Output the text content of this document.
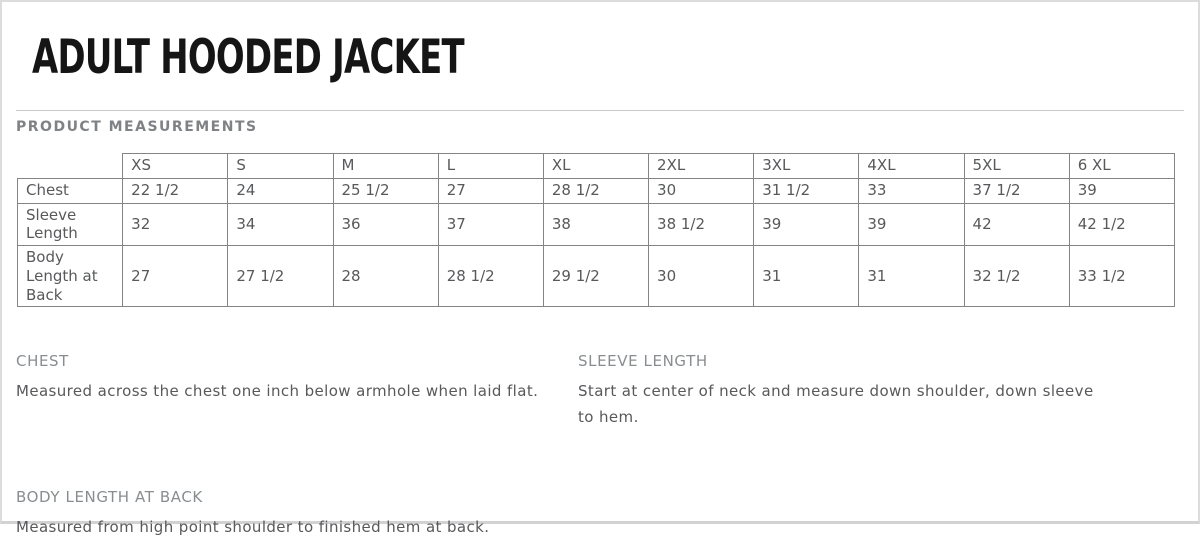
ADULT HOODED JACKET
PRODUCT MEASUREMENTS
	XS	S	M	L	XL	2XL	3XL	4XL	5XL	6 XL
Chest	22 1/2	24	25 1/2	27	28 1/2	30	31 1/2	33	37 1/2	39
Sleeve Length	32	34	36	37	38	38 1/2	39	39	42	42 1/2
Body Length at Back	27	27 1/2	28	28 1/2	29 1/2	30	31	31	32 1/2	33 1/2
CHEST
Measured across the chest one inch below armhole when laid flat.
SLEEVE LENGTH
Start at center of neck and measure down shoulder, down sleeve to hem.
BODY LENGTH AT BACK
Measured from high point shoulder to finished hem at back.
